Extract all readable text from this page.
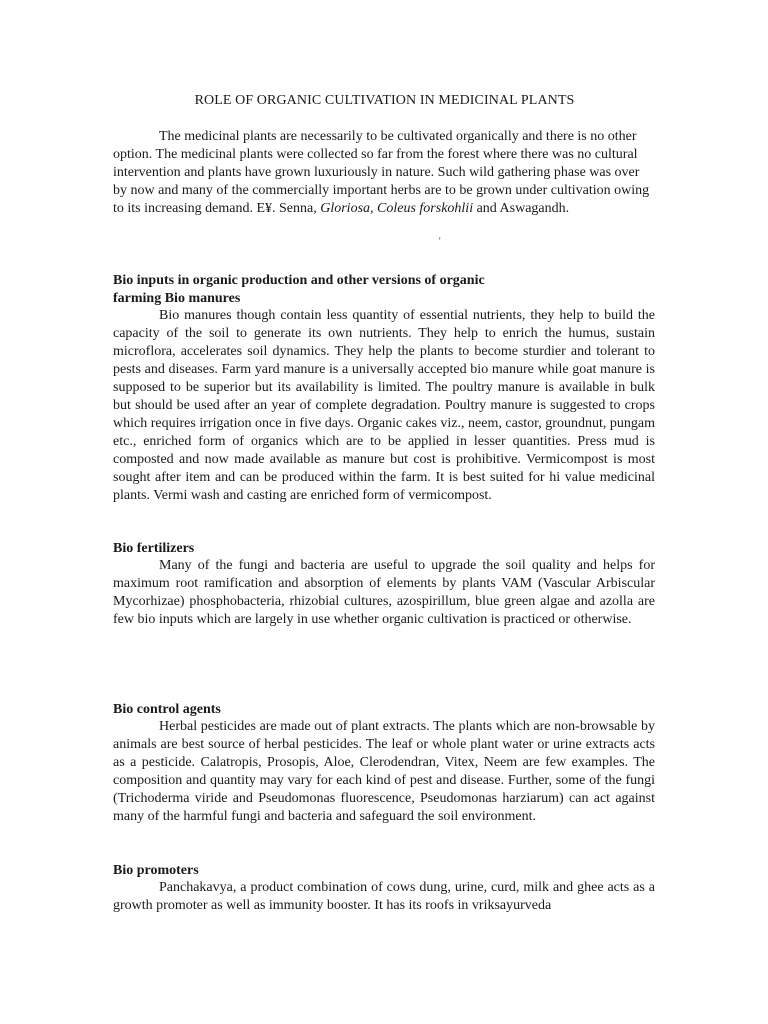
ROLE OF ORGANIC CULTIVATION IN MEDICINAL PLANTS

The medicinal plants are necessarily to be cultivated organically and there is no other option. The medicinal plants were collected so far from the forest where there was no cultural intervention and plants have grown luxuriously in nature. Such wild gathering phase was over by now and many of the commercially important herbs are to be grown under cultivation owing to its increasing demand. E¥. Senna, Gloriosa, Coleus forskohlii and Aswagandh.

'
Bio inputs in organic production and other versions of organic
farming Bio manures

Bio manures though contain less quantity of essential nutrients, they help to build the capacity of the soil to generate its own nutrients. They help to enrich the humus, sustain microflora, accelerates soil dynamics. They help the plants to become sturdier and tolerant to pests and diseases. Farm yard manure is a universally accepted bio manure while goat manure is supposed to be superior but its availability is limited. The poultry manure is available in bulk but should be used after an year of complete degradation. Poultry manure is suggested to crops which requires irrigation once in five days. Organic cakes viz., neem, castor, groundnut, pungam etc., enriched form of organics which are to be applied in lesser quantities. Press mud is composted and now made available as manure but cost is prohibitive. Vermicompost is most sought after item and can be produced within the farm. It is best suited for hi value medicinal plants. Vermi wash and casting are enriched form of vermicompost.

Bio fertilizers

Many of the fungi and bacteria are useful to upgrade the soil quality and helps for maximum root ramification and absorption of elements by plants VAM (Vascular Arbiscular Mycorhizae) phosphobacteria, rhizobial cultures, azospirillum, blue green algae and azolla are few bio inputs which are largely in use whether organic cultivation is practiced or otherwise.

Bio control agents

Herbal pesticides are made out of plant extracts. The plants which are non-browsable by animals are best source of herbal pesticides. The leaf or whole plant water or urine extracts acts as a pesticide. Calatropis, Prosopis, Aloe, Clerodendran, Vitex, Neem are few examples. The composition and quantity may vary for each kind of pest and disease. Further, some of the fungi (Trichoderma viride and Pseudomonas fluorescence, Pseudomonas harziarum) can act against many of the harmful fungi and bacteria and safeguard the soil environment.

Bio promoters

Panchakavya, a product combination of cows dung, urine, curd, milk and ghee acts as a growth promoter as well as immunity booster. It has its roofs in vriksayurveda
